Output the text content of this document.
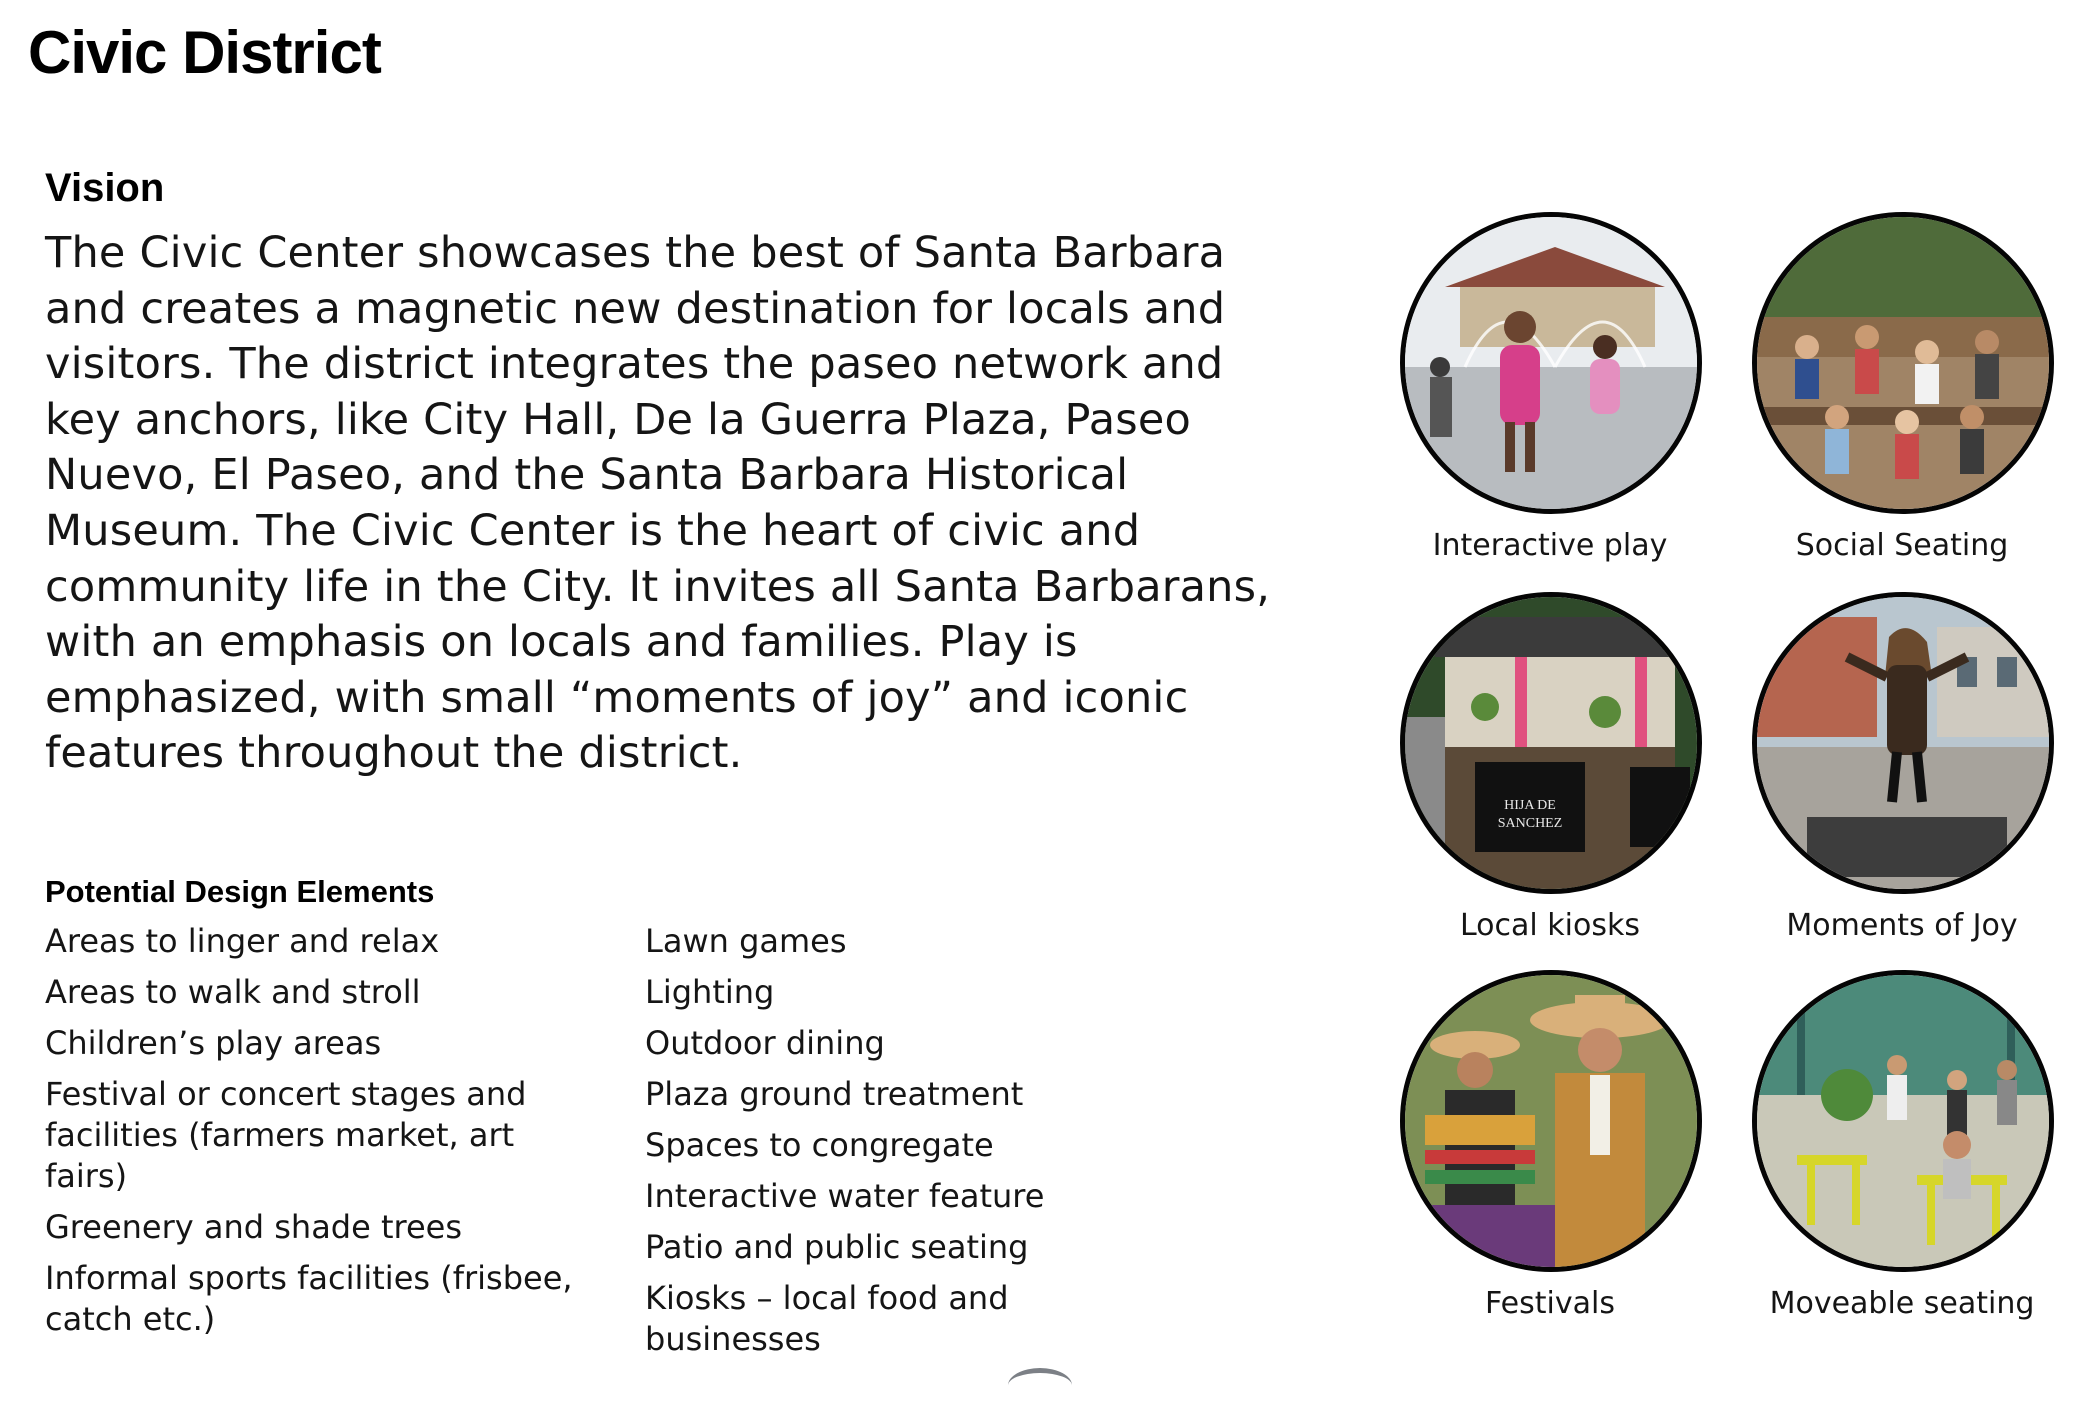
Civic District
Vision
The Civic Center showcases the best of Santa Barbara and creates a magnetic new destination for locals and visitors. The district integrates the paseo network and key anchors, like City Hall, De la Guerra Plaza, Paseo Nuevo, El Paseo, and the Santa Barbara Historical Museum. The Civic Center is the heart of civic and community life in the City. It invites all Santa Barbarans, with an emphasis on locals and families. Play is emphasized, with small “moments of joy” and iconic features throughout the district.
Potential Design Elements
Areas to linger and relax
Areas to walk and stroll
Children’s play areas
Festival or concert stages and facilities (farmers market, art fairs)
Greenery and shade trees
Informal sports facilities (frisbee, catch etc.)
Lawn games
Lighting
Outdoor dining
Plaza ground treatment
Spaces to congregate
Interactive water feature
Patio and public seating
Kiosks – local food and businesses
Interactive play	Social Seating
HIJA DE
SANCHEZ
Local kiosks	Moments of Joy
Festivals	Moveable seating
